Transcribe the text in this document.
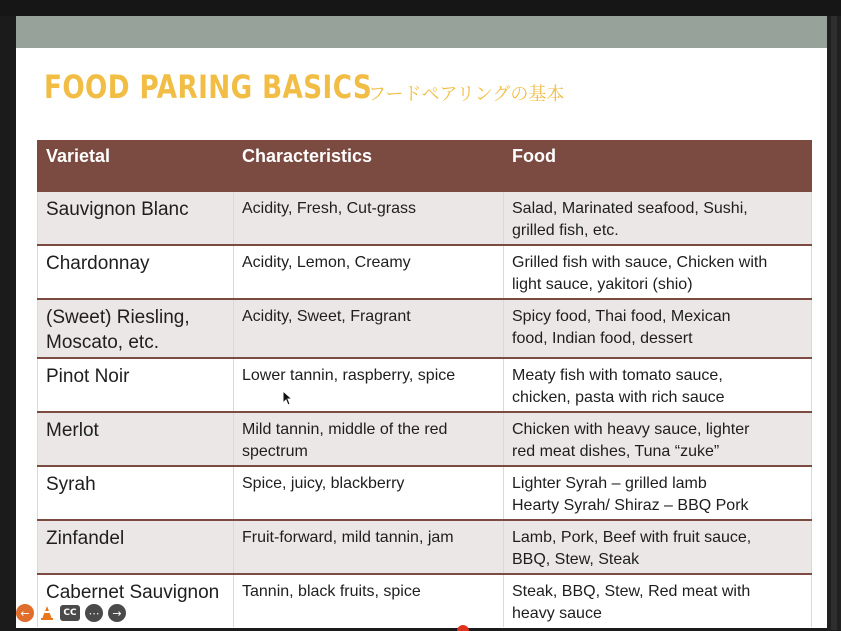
FOOD PARING BASICS
フードペアリングの基本
Varietal	Characteristics	Food
Sauvignon Blanc	Acidity, Fresh, Cut-grass	Salad, Marinated seafood, Sushi,
grilled fish, etc.

Chardonnay	Acidity, Lemon, Creamy	Grilled fish with sauce, Chicken with
light sauce, yakitori (shio)

(Sweet) Riesling, Moscato, etc.	Acidity, Sweet, Fragrant	Spicy food, Thai food, Mexican
food, Indian food, dessert

Pinot Noir	Lower tannin, raspberry, spice	Meaty fish with tomato sauce,
chicken, pasta with rich sauce

Merlot	Mild tannin, middle of the red spectrum	Chicken with heavy sauce, lighter
red meat dishes, Tuna “zuke”

Syrah	Spice, juicy, blackberry	Lighter Syrah – grilled lamb
Hearty Syrah/ Shiraz – BBQ Pork

Zinfandel	Fruit-forward, mild tannin, jam	Lamb, Pork, Beef with fruit sauce,
BBQ, Stew, Steak

Cabernet Sauvignon	Tannin, black fruits, spice	Steak, BBQ, Stew, Red meat with
heavy sauce
←	CC	⋯ →
